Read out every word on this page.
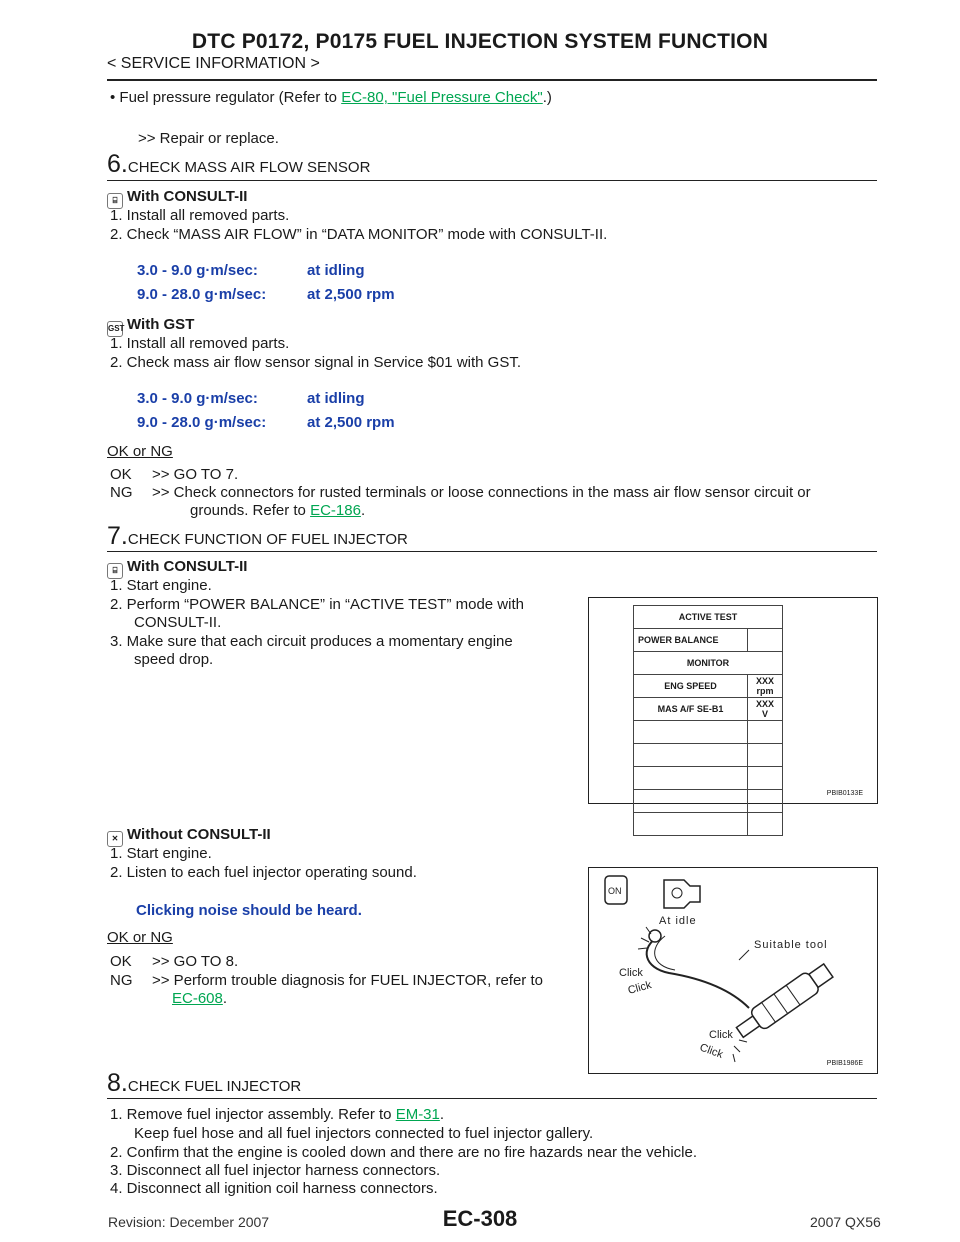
DTC P0172, P0175 FUEL INJECTION SYSTEM FUNCTION
< SERVICE INFORMATION >
• Fuel pressure regulator (Refer to EC-80, "Fuel Pressure Check".)
>> Repair or replace.
6.CHECK MASS AIR FLOW SENSOR
⌸ With CONSULT-II
1. Install all removed parts.
2. Check “MASS AIR FLOW” in “DATA MONITOR” mode with CONSULT-II.
3.0 - 9.0 g·m/sec:	at idling
9.0 - 28.0 g·m/sec:	at 2,500 rpm
GST With GST
1. Install all removed parts.
2. Check mass air flow sensor signal in Service $01 with GST.
3.0 - 9.0 g·m/sec:	at idling
9.0 - 28.0 g·m/sec:	at 2,500 rpm
OK or NG
OK >> GO TO 7.
NG >> Check connectors for rusted terminals or loose connections in the mass air flow sensor circuit or
grounds. Refer to EC-186.
7.CHECK FUNCTION OF FUEL INJECTOR
⌸ With CONSULT-II
1. Start engine.
2. Perform “POWER BALANCE” in “ACTIVE TEST” mode with
CONSULT-II.
3. Make sure that each circuit produces a momentary engine
speed drop.
ACTIVE TEST	
POWER BALANCE	
MONITOR	
ENG SPEED	XXX rpm
MAS A/F SE-B1	XXX V

PBIB0133E
✕ Without CONSULT-II
1. Start engine.
2. Listen to each fuel injector operating sound.
Clicking noise should be heard.
OK or NG
OK >> GO TO 8.
NG >> Perform trouble diagnosis for FUEL INJECTOR, refer to
EC-608.
ON
At idle
Suitable tool
Click
Click
Click
Click
PBIB1986E
8.CHECK FUEL INJECTOR
1. Remove fuel injector assembly. Refer to EM-31.
Keep fuel hose and all fuel injectors connected to fuel injector gallery.
2. Confirm that the engine is cooled down and there are no fire hazards near the vehicle.
3. Disconnect all fuel injector harness connectors.
4. Disconnect all ignition coil harness connectors.
EC-308
Revision: December 2007	2007 QX56
